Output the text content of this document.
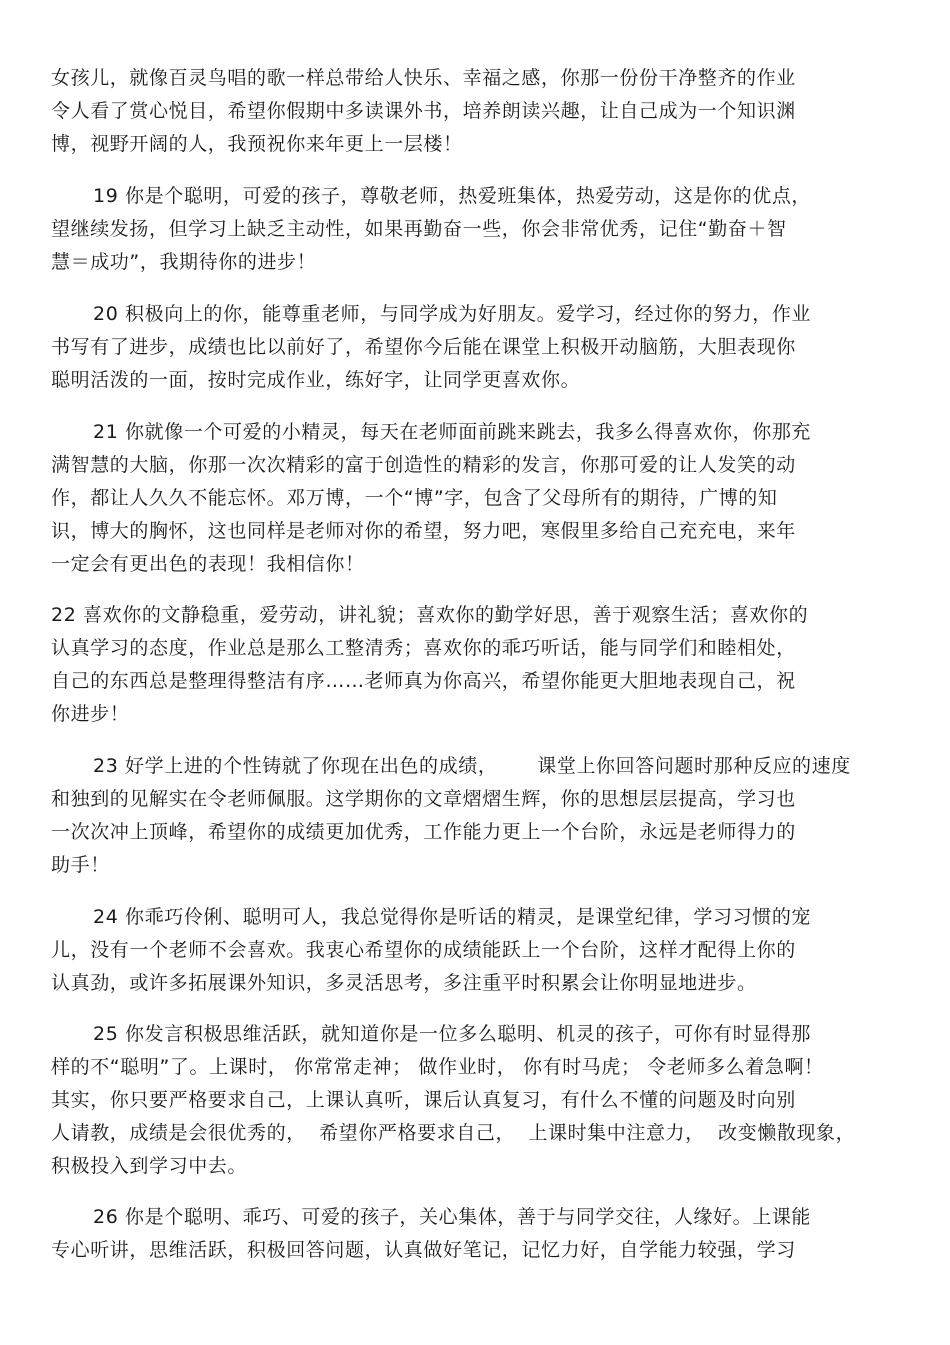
女孩儿，就像百灵鸟唱的歌一样总带给人快乐、幸福之感，你那一份份干净整齐的作业
令人看了赏心悦目，希望你假期中多读课外书，培养朗读兴趣，让自己成为一个知识渊
博，视野开阔的人，我预祝你来年更上一层楼！
19 你是个聪明，可爱的孩子，尊敬老师，热爱班集体，热爱劳动，这是你的优点，
望继续发扬，但学习上缺乏主动性，如果再勤奋一些，你会非常优秀，记住“勤奋＋智
慧＝成功”，我期待你的进步！
20 积极向上的你，能尊重老师，与同学成为好朋友。爱学习，经过你的努力，作业
书写有了进步，成绩也比以前好了，希望你今后能在课堂上积极开动脑筋，大胆表现你
聪明活泼的一面，按时完成作业，练好字，让同学更喜欢你。
21 你就像一个可爱的小精灵，每天在老师面前跳来跳去，我多么得喜欢你，你那充
满智慧的大脑，你那一次次精彩的富于创造性的精彩的发言，你那可爱的让人发笑的动
作，都让人久久不能忘怀。邓万博，一个“博”字，包含了父母所有的期待，广博的知
识，博大的胸怀，这也同样是老师对你的希望，努力吧，寒假里多给自己充充电，来年
一定会有更出色的表现！我相信你！
22 喜欢你的文静稳重，爱劳动，讲礼貌；喜欢你的勤学好思，善于观察生活；喜欢你的
认真学习的态度，作业总是那么工整清秀；喜欢你的乖巧听话，能与同学们和睦相处，
自己的东西总是整理得整洁有序……老师真为你高兴，希望你能更大胆地表现自己，祝
你进步！
23 好学上进的个性铸就了你现在出色的成绩，      课堂上你回答问题时那种反应的速度
和独到的见解实在令老师佩服。这学期你的文章熠熠生辉，你的思想层层提高，学习也
一次次冲上顶峰，希望你的成绩更加优秀，工作能力更上一个台阶，永远是老师得力的
助手！
24 你乖巧伶俐、聪明可人，我总觉得你是听话的精灵，是课堂纪律，学习习惯的宠
儿，没有一个老师不会喜欢。我衷心希望你的成绩能跃上一个台阶，这样才配得上你的
认真劲，或许多拓展课外知识，多灵活思考，多注重平时积累会让你明显地进步。
25 你发言积极思维活跃，就知道你是一位多么聪明、机灵的孩子，可你有时显得那
样的不“聪明”了。上课时， 你常常走神； 做作业时， 你有时马虎； 令老师多么着急啊！
其实，你只要严格要求自己，上课认真听，课后认真复习，有什么不懂的问题及时向别
人请教，成绩是会很优秀的，  希望你严格要求自己，  上课时集中注意力，  改变懒散现象，
积极投入到学习中去。
26 你是个聪明、乖巧、可爱的孩子，关心集体，善于与同学交往，人缘好。上课能
专心听讲，思维活跃，积极回答问题，认真做好笔记，记忆力好，自学能力较强，学习
